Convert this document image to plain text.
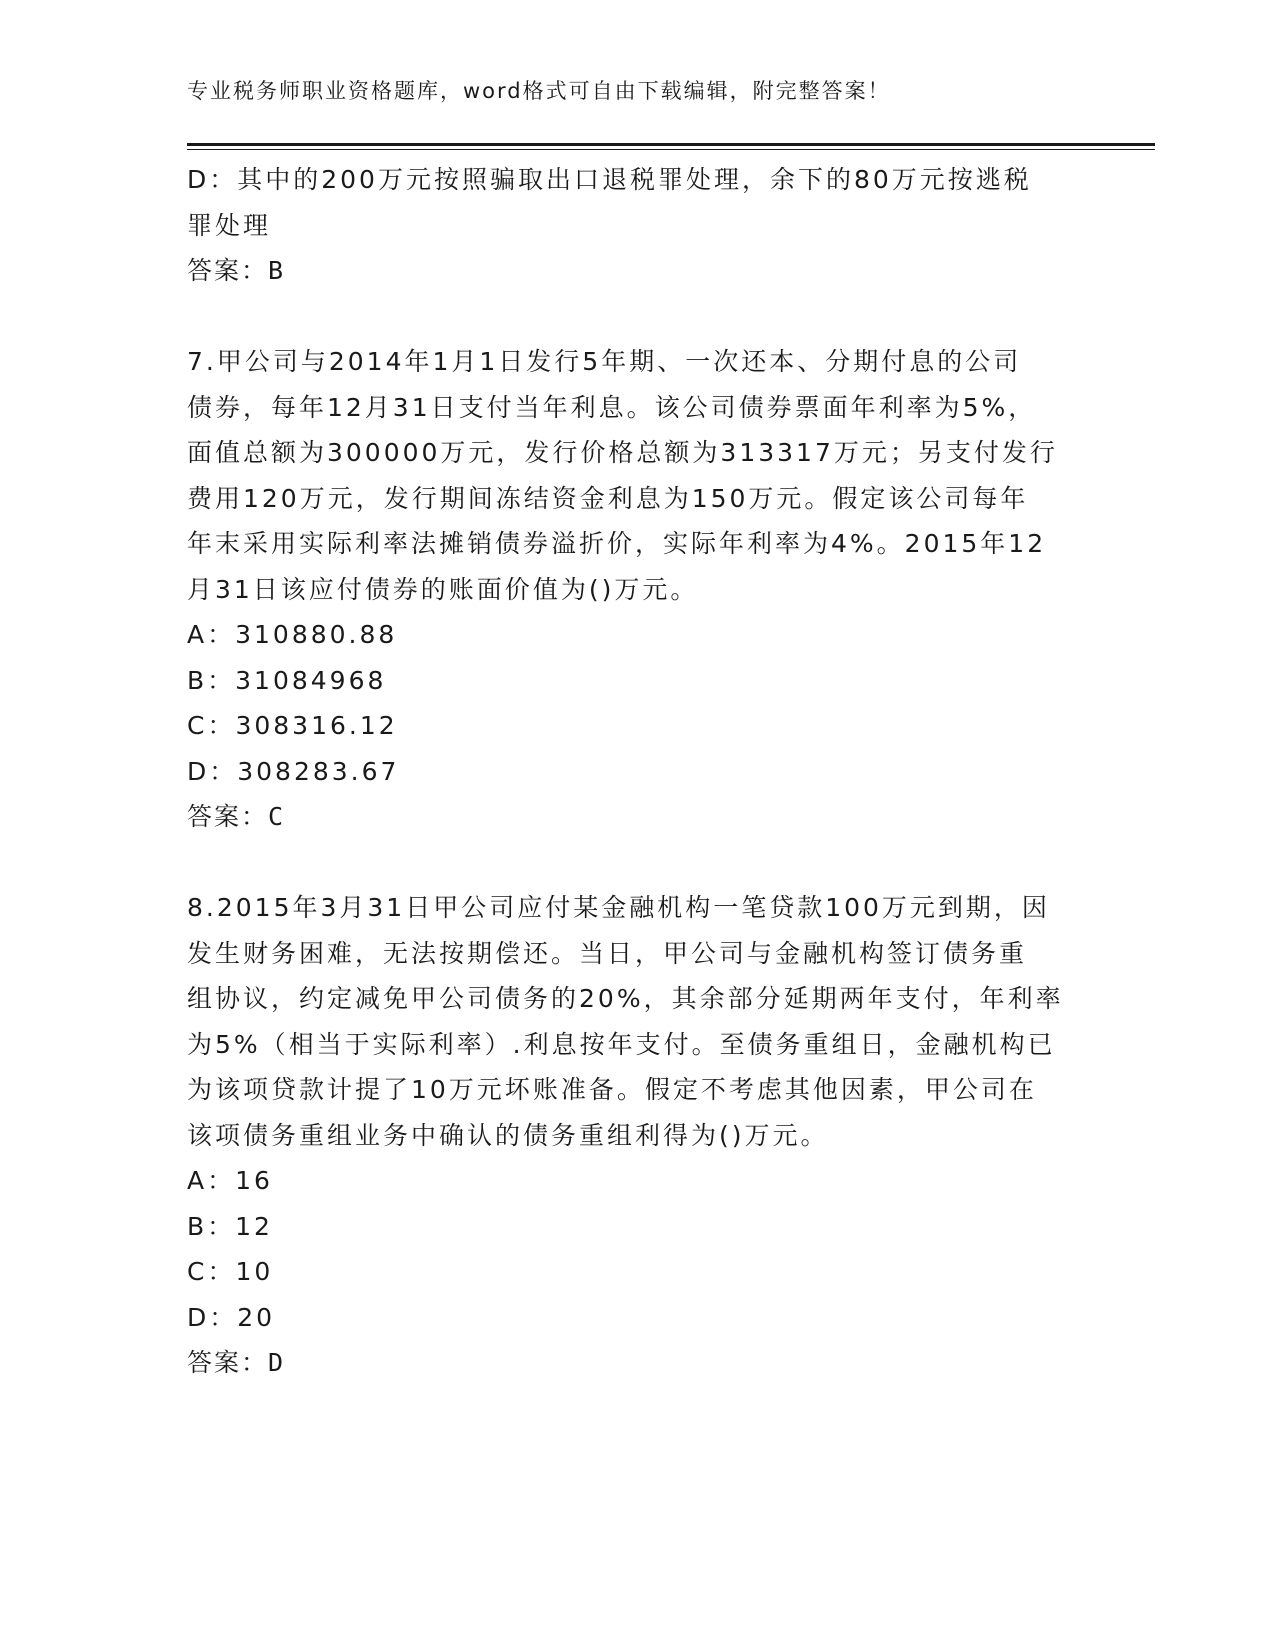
专业税务师职业资格题库，word格式可自由下载编辑，附完整答案！
D：其中的200万元按照骗取出口退税罪处理，余下的80万元按逃税
罪处理
答案：B
7.甲公司与2014年1月1日发行5年期、一次还本、分期付息的公司
债券，每年12月31日支付当年利息。该公司债券票面年利率为5%，
面值总额为300000万元，发行价格总额为313317万元；另支付发行
费用120万元，发行期间冻结资金利息为150万元。假定该公司每年
年末采用实际利率法摊销债券溢折价，实际年利率为4%。2015年12
月31日该应付债券的账面价值为()万元。
A：310880.88
B：31084968
C：308316.12
D：308283.67
答案：C
8.2015年3月31日甲公司应付某金融机构一笔贷款100万元到期，因
发生财务困难，无法按期偿还。当日，甲公司与金融机构签订债务重
组协议，约定减免甲公司债务的20%，其余部分延期两年支付，年利率
为5%（相当于实际利率）.利息按年支付。至债务重组日，金融机构已
为该项贷款计提了10万元坏账准备。假定不考虑其他因素，甲公司在
该项债务重组业务中确认的债务重组利得为()万元。
A：16
B：12
C：10
D：20
答案：D
